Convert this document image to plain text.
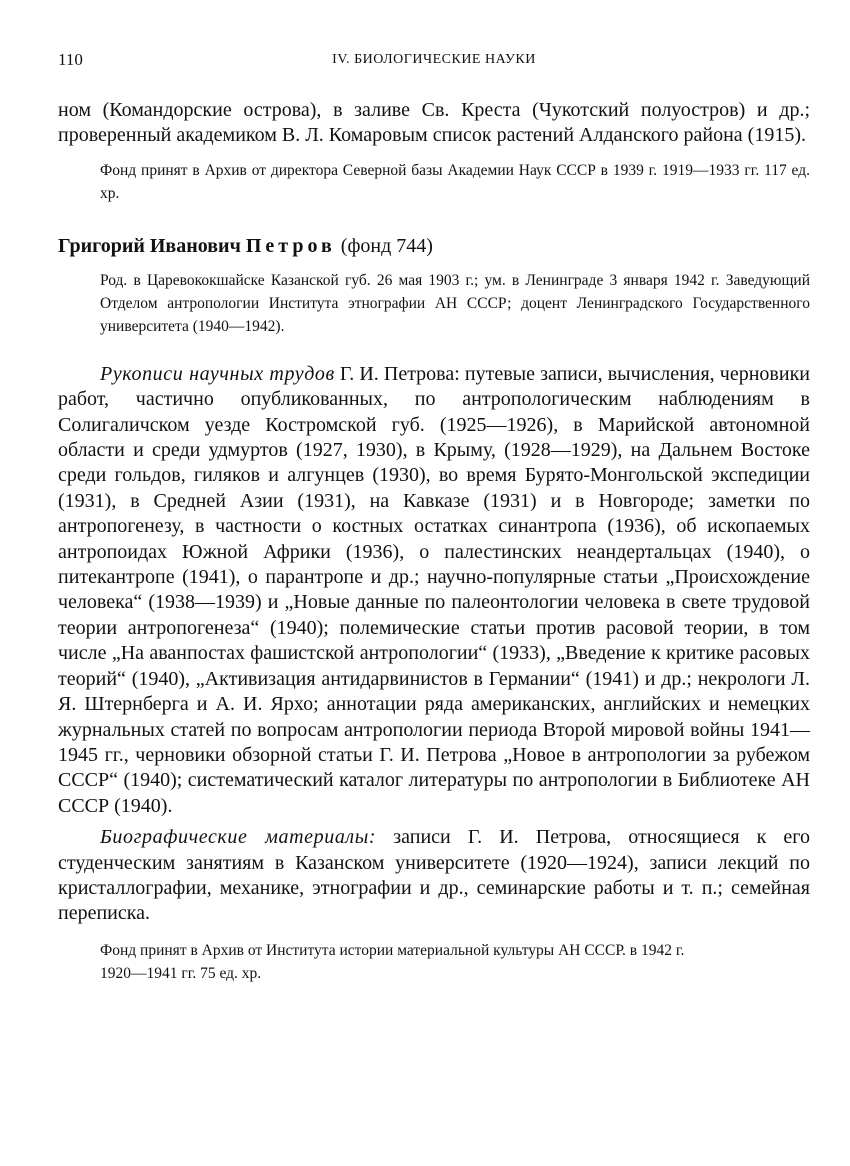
110	IV. БИОЛОГИЧЕСКИЕ НАУКИ

ном (Командорские острова), в заливе Св. Креста (Чукотский полуостров) и др.; проверенный академиком В. Л. Комаровым список растений Алданского района (1915).

Фонд принят в Архив от директора Северной базы Академии Наук СССР в 1939 г. 1919—1933 гг. 117 ед. хр.

Григорий Иванович Петров (фонд 744)

Род. в Царевококшайске Казанской губ. 26 мая 1903 г.; ум. в Ленинграде 3 января 1942 г. Заведующий Отделом антропологии Института этнографии АН СССР; доцент Ленинградского Государственного университета (1940—1942).

Рукописи научных трудов Г. И. Петрова: путевые записи, вычисления, черновики работ, частично опубликованных, по антропологическим наблюдениям в Солигаличском уезде Костромской губ. (1925—1926), в Марийской автономной области и среди удмуртов (1927, 1930), в Крыму, (1928—1929), на Дальнем Востоке среди гольдов, гиляков и алгунцев (1930), во время Бурято-Монгольской экспедиции (1931), в Средней Азии (1931), на Кавказе (1931) и в Новгороде; заметки по антропогенезу, в частности о костных остатках синантропа (1936), об ископаемых антропоидах Южной Африки (1936), о палестинских неандертальцах (1940), о питекантропе (1941), о парантропе и др.; научно-популярные статьи „Происхождение человека“ (1938—1939) и „Новые данные по палеонтологии человека в свете трудовой теории антропогенеза“ (1940); полемические статьи против расовой теории, в том числе „На аванпостах фашистской антропологии“ (1933), „Введение к критике расовых теорий“ (1940), „Активизация антидарвинистов в Германии“ (1941) и др.; некрологи Л. Я. Штернберга и А. И. Ярхо; аннотации ряда американских, английских и немецких журнальных статей по вопросам антропологии периода Второй мировой войны 1941—1945 гг., черновики обзорной статьи Г. И. Петрова „Новое в антропологии за рубежом СССР“ (1940); систематический каталог литературы по антропологии в Библиотеке АН СССР (1940).

Биографические материалы: записи Г. И. Петрова, относящиеся к его студенческим занятиям в Казанском университете (1920—1924), записи лекций по кристаллографии, механике, этнографии и др., семинарские работы и т. п.; семейная переписка.

Фонд принят в Архив от Института истории материальной культуры АН СССР. в 1942 г.

1920—1941 гг. 75 ед. хр.
